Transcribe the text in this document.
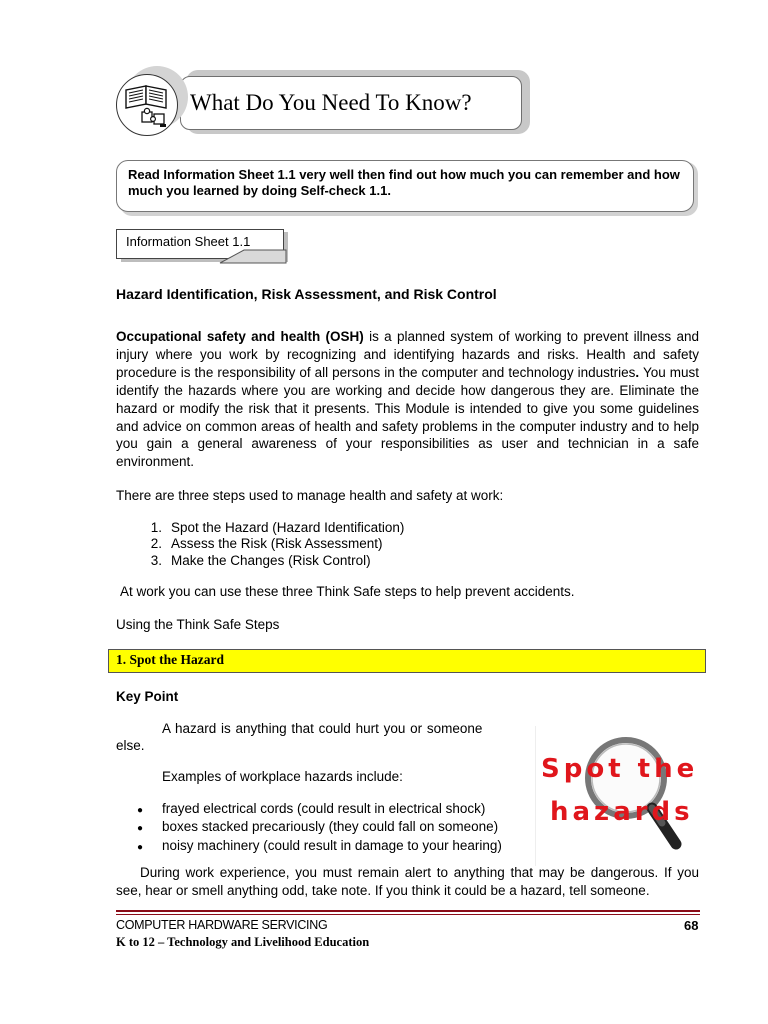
What Do You Need To Know?
Read Information Sheet 1.1 very well then find out how much you can remember and how much you learned by doing Self-check 1.1.
Information Sheet 1.1
Hazard Identification, Risk Assessment, and Risk Control
Occupational safety and health (OSH) is a planned system of working to prevent illness and injury where you work by recognizing and identifying hazards and risks. Health and safety procedure is the responsibility of all persons in the computer and technology industries. You must identify the hazards where you are working and decide how dangerous they are. Eliminate the hazard or modify the risk that it presents. This Module is intended to give you some guidelines and advice on common areas of health and safety problems in the computer industry and to help you gain a general awareness of your responsibilities as user and technician in a safe environment.
There are three steps used to manage health and safety at work:
1. Spot the Hazard (Hazard Identification)
2. Assess the Risk (Risk Assessment)
3. Make the Changes (Risk Control)
At work you can use these three Think Safe steps to help prevent accidents.
Using the Think Safe Steps
1. Spot the Hazard
Key Point
A hazard is anything that could hurt you or someone
else.
Examples of workplace hazards include:
● frayed electrical cords (could result in electrical shock)
● boxes stacked precariously (they could fall on someone)
● noisy machinery (could result in damage to your hearing)
Spot the
hazards
During work experience, you must remain alert to anything that may be dangerous. If you see, hear or smell anything odd, take note. If you think it could be a hazard, tell someone.
COMPUTER HARDWARE SERVICING	68
K to 12 – Technology and Livelihood Education
